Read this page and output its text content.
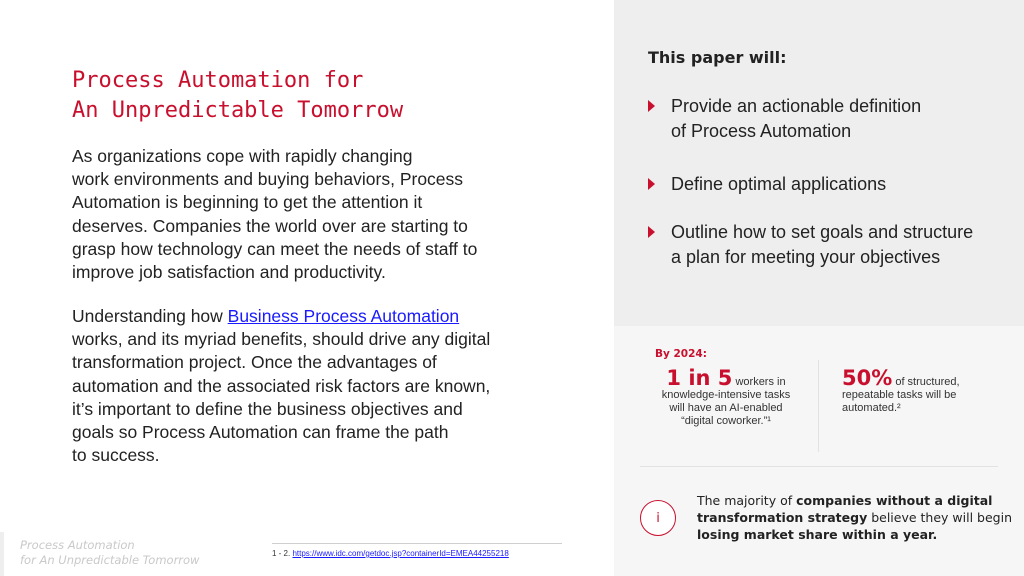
Process Automation for
An Unpredictable Tomorrow

As organizations cope with rapidly changing
work environments and buying behaviors, Process
Automation is beginning to get the attention it
deserves. Companies the world over are starting to
grasp how technology can meet the needs of staff to
improve job satisfaction and productivity.

Understanding how Business Process Automation
works, and its myriad benefits, should drive any digital
transformation project. Once the advantages of
automation and the associated risk factors are known,
it’s important to define the business objectives and
goals so Process Automation can frame the path
to success.

Process Automation
for An Unpredictable Tomorrow	1 - 2. https://www.idc.com/getdoc.jsp?containerId=EMEA44255218
This paper will:
Provide an actionable definition
of Process Automation
Define optimal applications
Outline how to set goals and structure
a plan for meeting your objectives
By 2024:
1 in 5 workers in
knowledge-intensive tasks
will have an AI-enabled
“digital coworker.”¹
50% of structured,
repeatable tasks will be
automated.²
i
The majority of companies without a digital
transformation strategy believe they will begin
losing market share within a year.
